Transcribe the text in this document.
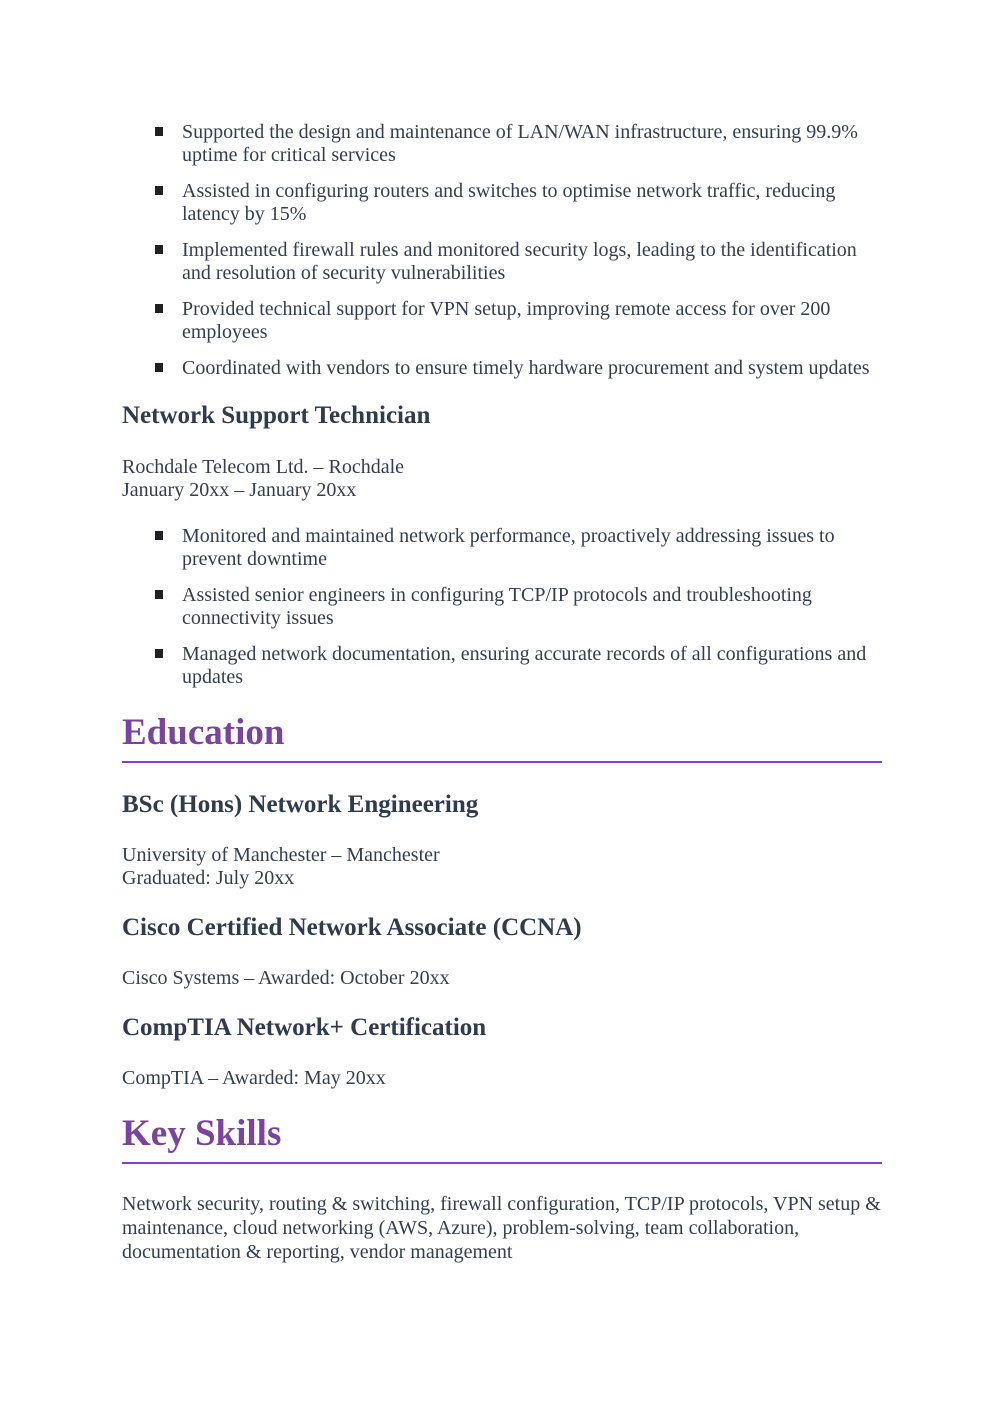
Supported the design and maintenance of LAN/WAN infrastructure, ensuring 99.9% uptime for critical services
Assisted in configuring routers and switches to optimise network traffic, reducing latency by 15%
Implemented firewall rules and monitored security logs, leading to the identification and resolution of security vulnerabilities
Provided technical support for VPN setup, improving remote access for over 200 employees
Coordinated with vendors to ensure timely hardware procurement and system updates
Network Support Technician

Rochdale Telecom Ltd. – Rochdale
January 20xx – January 20xx

Monitored and maintained network performance, proactively addressing issues to prevent downtime
Assisted senior engineers in configuring TCP/IP protocols and troubleshooting connectivity issues
Managed network documentation, ensuring accurate records of all configurations and updates
Education
BSc (Hons) Network Engineering

University of Manchester – Manchester
Graduated: July 20xx

Cisco Certified Network Associate (CCNA)

Cisco Systems – Awarded: October 20xx

CompTIA Network+ Certification

CompTIA – Awarded: May 20xx

Key Skills

Network security, routing & switching, firewall configuration, TCP/IP protocols, VPN setup & maintenance, cloud networking (AWS, Azure), problem-solving, team collaboration, documentation & reporting, vendor management
